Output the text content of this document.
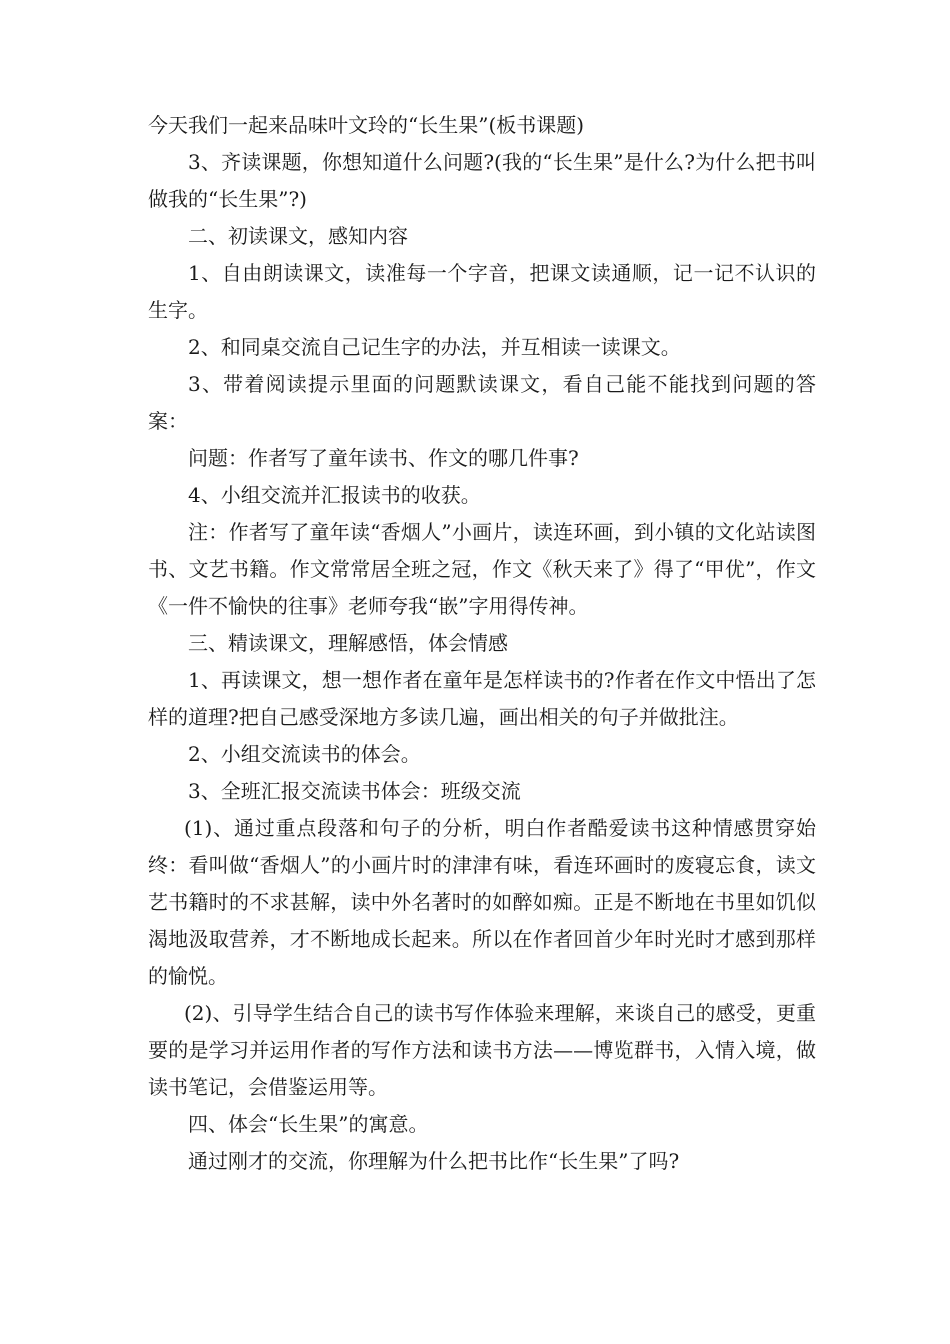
今天我们一起来品味叶文玲的“长生果”(板书课题)

3、齐读课题，你想知道什么问题?(我的“长生果”是什么?为什么把书叫做我的“长生果”?)

二、初读课文，感知内容

1、自由朗读课文，读准每一个字音，把课文读通顺，记一记不认识的生字。

2、和同桌交流自己记生字的办法，并互相读一读课文。

3、带着阅读提示里面的问题默读课文，看自己能不能找到问题的答案：

问题：作者写了童年读书、作文的哪几件事?

4、小组交流并汇报读书的收获。

注：作者写了童年读“香烟人”小画片，读连环画，到小镇的文化站读图书、文艺书籍。作文常常居全班之冠，作文《秋天来了》得了“甲优”，作文《一件不愉快的往事》老师夸我“嵌”字用得传神。

三、精读课文，理解感悟，体会情感

1、再读课文，想一想作者在童年是怎样读书的?作者在作文中悟出了怎样的道理?把自己感受深地方多读几遍，画出相关的句子并做批注。

2、小组交流读书的体会。

3、全班汇报交流读书体会：班级交流

(1)、通过重点段落和句子的分析，明白作者酷爱读书这种情感贯穿始终：看叫做“香烟人”的小画片时的津津有味，看连环画时的废寝忘食，读文艺书籍时的不求甚解，读中外名著时的如醉如痴。正是不断地在书里如饥似渴地汲取营养，才不断地成长起来。所以在作者回首少年时光时才感到那样的愉悦。

(2)、引导学生结合自己的读书写作体验来理解，来谈自己的感受，更重要的是学习并运用作者的写作方法和读书方法——博览群书，入情入境，做读书笔记，会借鉴运用等。

四、体会“长生果”的寓意。

通过刚才的交流，你理解为什么把书比作“长生果”了吗?
